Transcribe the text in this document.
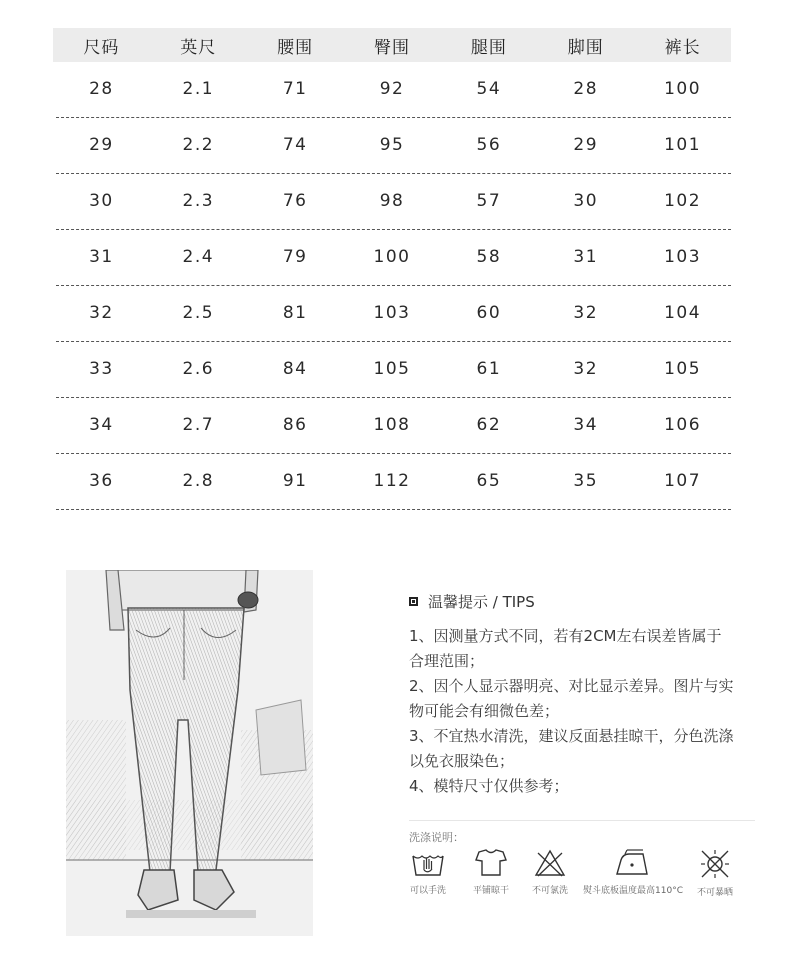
尺码	英尺	腰围	臀围	腿围	脚围	裤长
28	2.1	71	92	54	28	100
29	2.2	74	95	56	29	101
30	2.3	76	98	57	30	102
31	2.4	79	100	58	31	103
32	2.5	81	103	60	32	104
33	2.6	84	105	61	32	105
34	2.7	86	108	62	34	106
36	2.8	91	112	65	35	107
温馨提示 / TIPS

1、因测量方式不同，若有2CM左右误差皆属于合理范围；

2、因个人显示器明亮、对比显示差异。图片与实物可能会有细微色差；

3、不宜热水清洗，建议反面悬挂晾干，分色洗涤以免衣服染色；

4、模特尺寸仅供参考；

洗涤说明：
可以手洗	平铺晾干	不可氯洗	熨斗底板温度最高110°C	不可暴晒
